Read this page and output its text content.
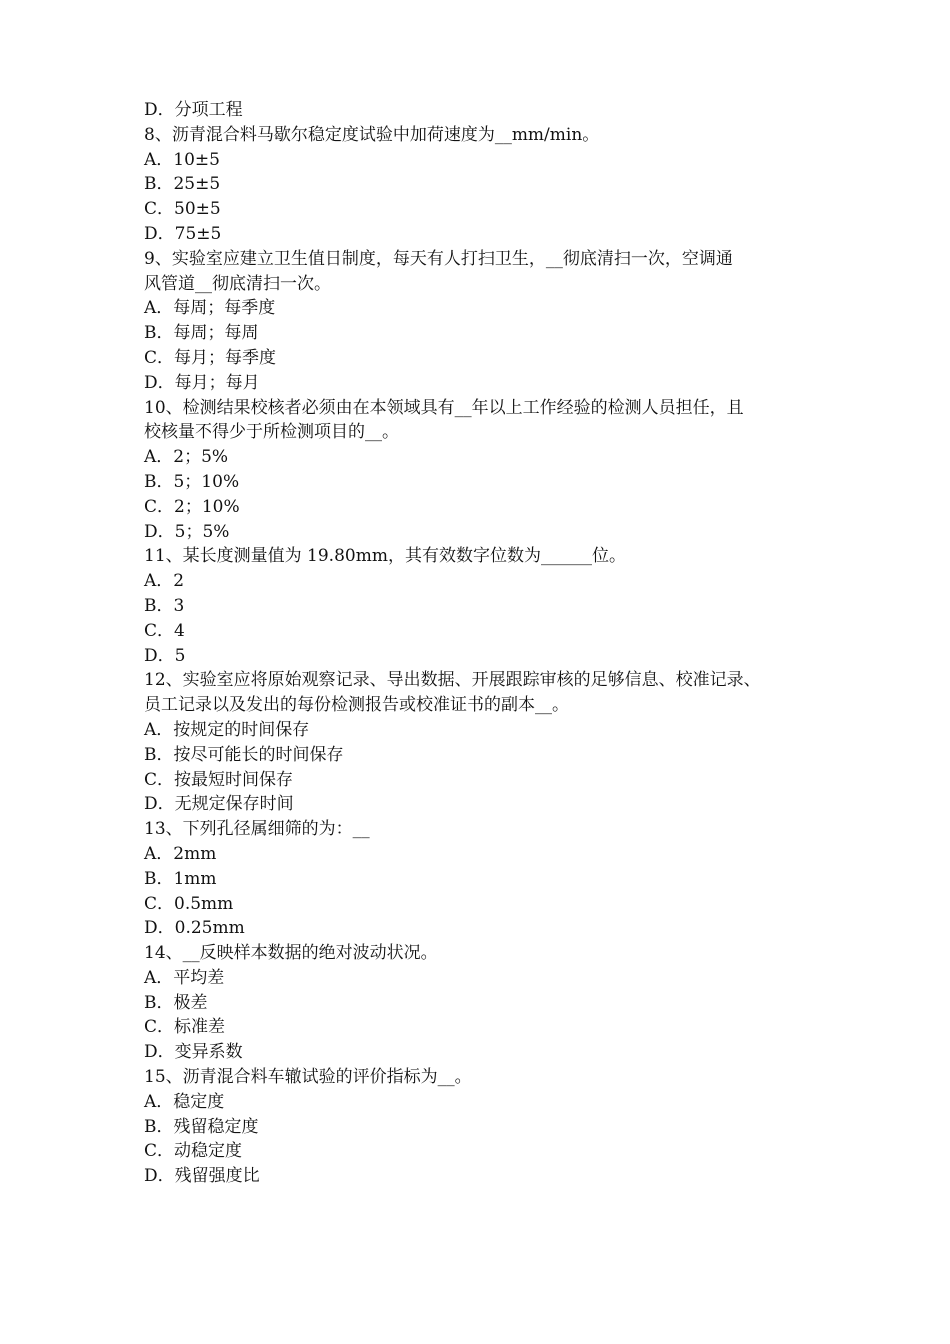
D．分项工程
8、沥青混合料马歇尔稳定度试验中加荷速度为__mm/min。
A．10±5
B．25±5
C．50±5
D．75±5
9、实验室应建立卫生值日制度，每天有人打扫卫生，__彻底清扫一次，空调通
风管道__彻底清扫一次。
A．每周；每季度
B．每周；每周
C．每月；每季度
D．每月；每月
10、检测结果校核者必须由在本领域具有__年以上工作经验的检测人员担任，且
校核量不得少于所检测项目的__。
A．2；5%
B．5；10%
C．2；10%
D．5；5%
11、某长度测量值为 19.80mm，其有效数字位数为______位。
A．2
B．3
C．4
D．5
12、实验室应将原始观察记录、导出数据、开展跟踪审核的足够信息、校准记录、
员工记录以及发出的每份检测报告或校准证书的副本__。
A．按规定的时间保存
B．按尽可能长的时间保存
C．按最短时间保存
D．无规定保存时间
13、下列孔径属细筛的为：__
A．2mm
B．1mm
C．0.5mm
D．0.25mm
14、__反映样本数据的绝对波动状况。
A．平均差
B．极差
C．标准差
D．变异系数
15、沥青混合料车辙试验的评价指标为__。
A．稳定度
B．残留稳定度
C．动稳定度
D．残留强度比
